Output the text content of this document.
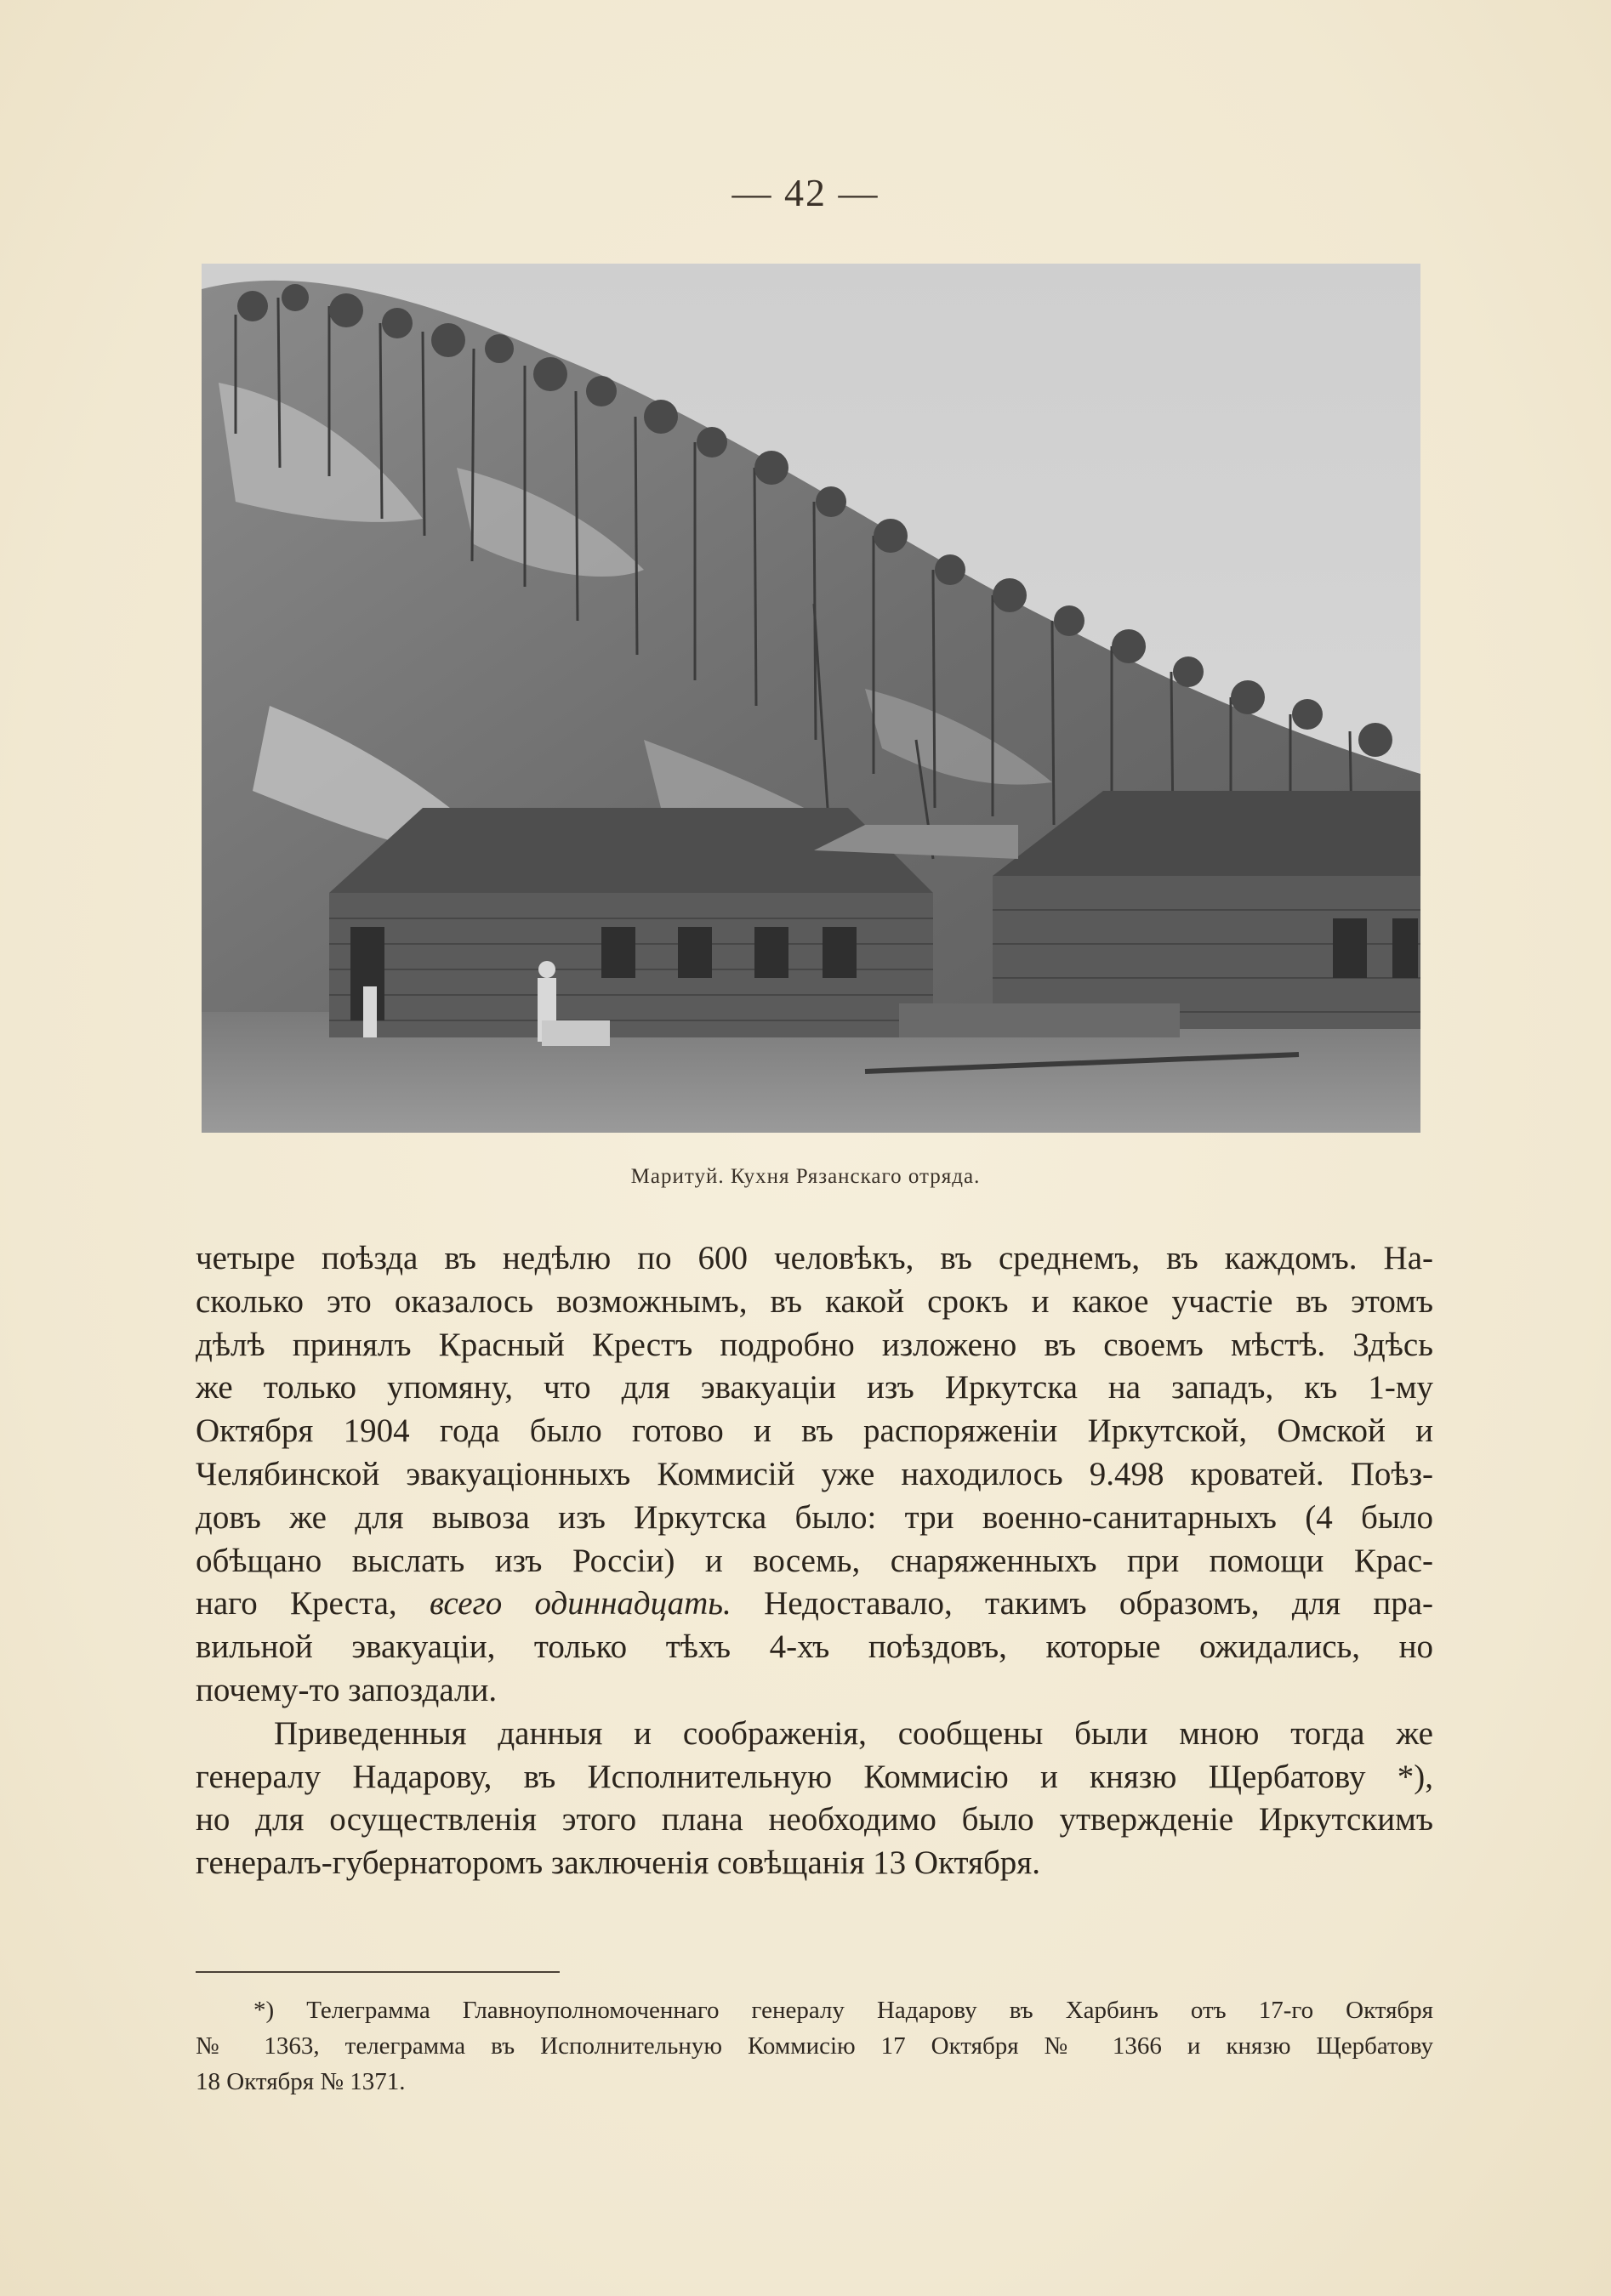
— 42 —
Маритуй. Кухня Рязанскаго отряда.
четыре поѣзда въ недѣлю по 600 человѣкъ, въ среднемъ, въ каждомъ. На-
сколько это оказалось возможнымъ, въ какой срокъ и какое участіе въ этомъ
дѣлѣ принялъ Красный Крестъ подробно изложено въ своемъ мѣстѣ. Здѣсь
же только упомяну, что для эвакуаціи изъ Иркутска на западъ, къ 1-му
Октября 1904 года было готово и въ распоряженіи Иркутской, Омской и
Челябинской эвакуаціонныхъ Коммисій уже находилось 9.498 кроватей. Поѣз-
довъ же для вывоза изъ Иркутска было: три военно-санитарныхъ (4 было
обѣщано выслать изъ Россіи) и восемь, снаряженныхъ при помощи Крас-
наго Креста, всего одиннадцать. Недоставало, такимъ образомъ, для пра-
вильной эвакуаціи, только тѣхъ 4-хъ поѣздовъ, которые ожидались, но
почему-то запоздали.
Приведенныя данныя и соображенія, сообщены были мною тогда же
генералу Надарову, въ Исполнительную Коммисію и князю Щербатову *),
но для осуществленія этого плана необходимо было утвержденіе Иркутскимъ
генералъ-губернаторомъ заключенія совѣщанія 13 Октября.
*) Телеграмма Главноуполномоченнаго генералу Надарову въ Харбинъ отъ 17-го Октября
№ 1363, телеграмма въ Исполнительную Коммисію 17 Октября № 1366 и князю Щербатову
18 Октября № 1371.
